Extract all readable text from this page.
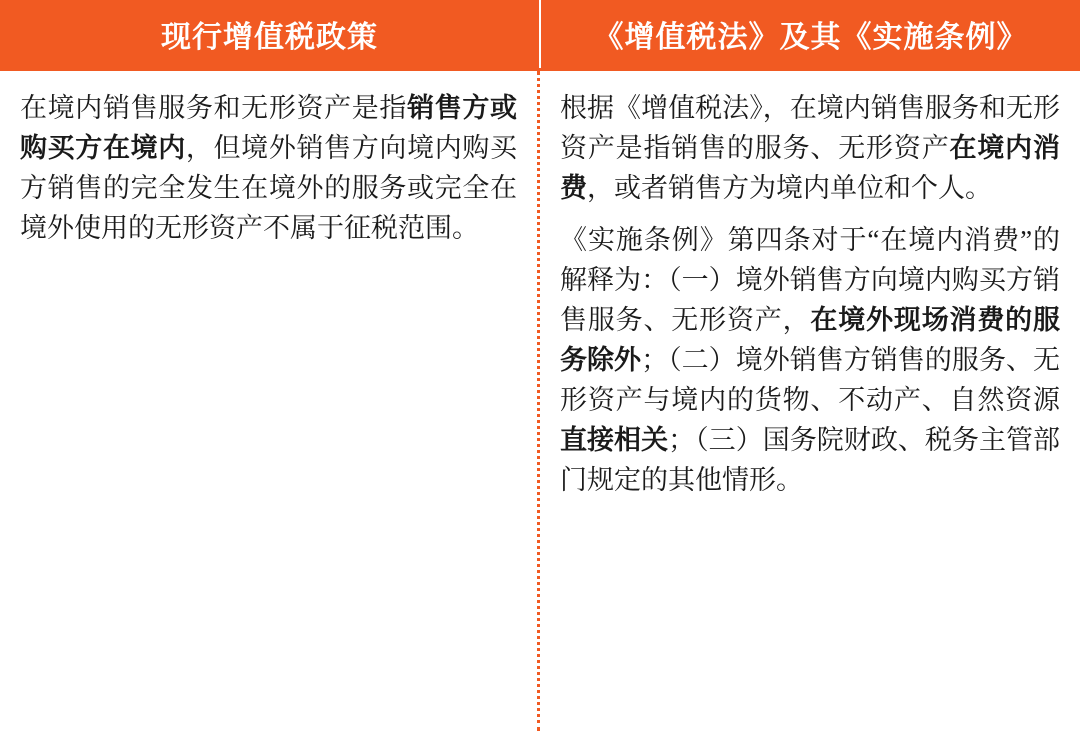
现行增值税政策	《增值税法》及其《实施条例》

在境内销售服务和无形资产是指销售方或购买方在境内，但境外销售方向境内购买方销售的完全发生在境外的服务或完全在境外使用的无形资产不属于征税范围。

根据《增值税法》，在境内销售服务和无形资产是指销售的服务、无形资产在境内消费，或者销售方为境内单位和个人。

《实施条例》第四条对于“在境内消费”的解释为：（一）境外销售方向境内购买方销售服务、无形资产，在境外现场消费的服务除外；（二）境外销售方销售的服务、无形资产与境内的货物、不动产、自然资源直接相关；（三）国务院财政、税务主管部门规定的其他情形。
